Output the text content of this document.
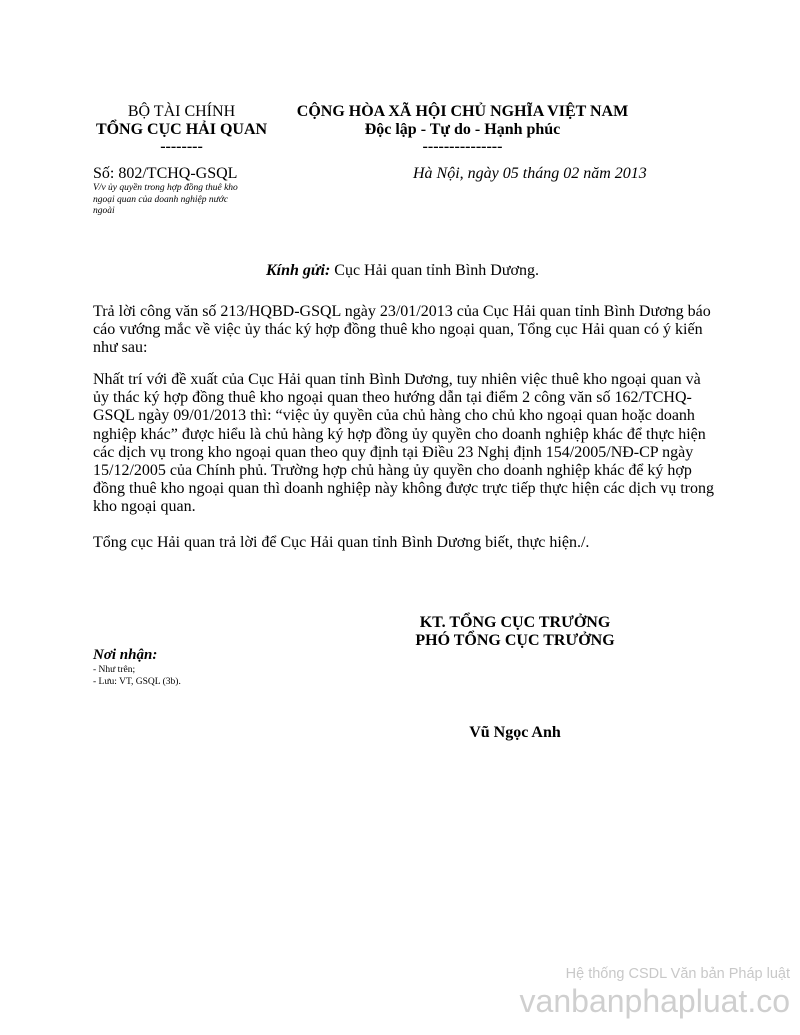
BỘ TÀI CHÍNH
TỔNG CỤC HẢI QUAN
--------
CỘNG HÒA XÃ HỘI CHỦ NGHĨA VIỆT NAM
Độc lập - Tự do - Hạnh phúc
---------------
Số: 802/TCHQ-GSQL	Hà Nội, ngày 05 tháng 02 năm 2013
V/v ủy quyền trong hợp đồng thuê kho
ngoại quan của doanh nghiệp nước
ngoài
Kính gửi: Cục Hải quan tỉnh Bình Dương.
Trả lời công văn số 213/HQBD-GSQL ngày 23/01/2013 của Cục Hải quan tỉnh Bình Dương báo
cáo vướng mắc về việc ủy thác ký hợp đồng thuê kho ngoại quan, Tổng cục Hải quan có ý kiến
như sau:
Nhất trí với đề xuất của Cục Hải quan tỉnh Bình Dương, tuy nhiên việc thuê kho ngoại quan và
ủy thác ký hợp đồng thuê kho ngoại quan theo hướng dẫn tại điểm 2 công văn số 162/TCHQ-
GSQL ngày 09/01/2013 thì: “việc ủy quyền của chủ hàng cho chủ kho ngoại quan hoặc doanh
nghiệp khác” được hiểu là chủ hàng ký hợp đồng ủy quyền cho doanh nghiệp khác để thực hiện
các dịch vụ trong kho ngoại quan theo quy định tại Điều 23 Nghị định 154/2005/NĐ-CP ngày
15/12/2005 của Chính phủ. Trường hợp chủ hàng ủy quyền cho doanh nghiệp khác để ký hợp
đồng thuê kho ngoại quan thì doanh nghiệp này không được trực tiếp thực hiện các dịch vụ trong
kho ngoại quan.
Tổng cục Hải quan trả lời để Cục Hải quan tỉnh Bình Dương biết, thực hiện./.
KT. TỔNG CỤC TRƯỞNG
PHÓ TỔNG CỤC TRƯỞNG
Nơi nhận:
- Như trên;
- Lưu: VT, GSQL (3b).
Vũ Ngọc Anh
Hệ thống CSDL Văn bản Pháp luật
vanbanphapluat.co
